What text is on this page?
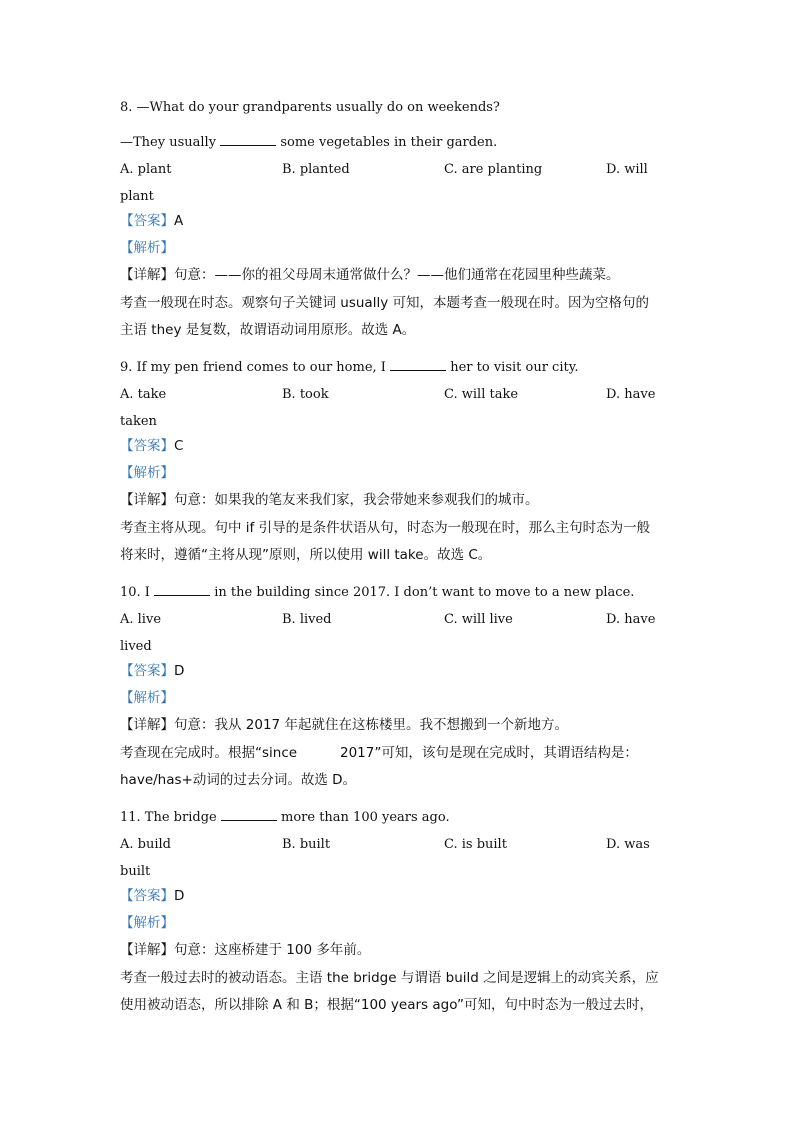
8. —What do your grandparents usually do on weekends?
—They usually	some vegetables in their garden.
A. plant	B. planted	C. are planting	D. will
plant
【答案】A
【解析】
【详解】句意：——你的祖父母周末通常做什么？——他们通常在花园里种些蔬菜。
考查一般现在时态。观察句子关键词 usually 可知，本题考查一般现在时。因为空格句的
主语 they 是复数，故谓语动词用原形。故选 A。
9. If my pen friend comes to our home, I	her to visit our city.
A. take	B. took	C. will take	D. have
taken
【答案】C
【解析】
【详解】句意：如果我的笔友来我们家，我会带她来参观我们的城市。
考查主将从现。句中 if 引导的是条件状语从句，时态为一般现在时，那么主句时态为一般
将来时，遵循“主将从现”原则，所以使用 will take。故选 C。
10. I	in the building since 2017. I don’t want to move to a new place.
A. live	B. lived	C. will live	D. have
lived
【答案】D
【解析】
【详解】句意：我从 2017 年起就住在这栋楼里。我不想搬到一个新地方。
考查现在完成时。根据“since          2017”可知，该句是现在完成时，其谓语结构是：
have/has+动词的过去分词。故选 D。
11. The bridge	more than 100 years ago.
A. build	B. built	C. is built	D. was
built
【答案】D
【解析】
【详解】句意：这座桥建于 100 多年前。
考查一般过去时的被动语态。主语 the bridge 与谓语 build 之间是逻辑上的动宾关系，应
使用被动语态，所以排除 A 和 B；根据“100 years ago”可知，句中时态为一般过去时，
